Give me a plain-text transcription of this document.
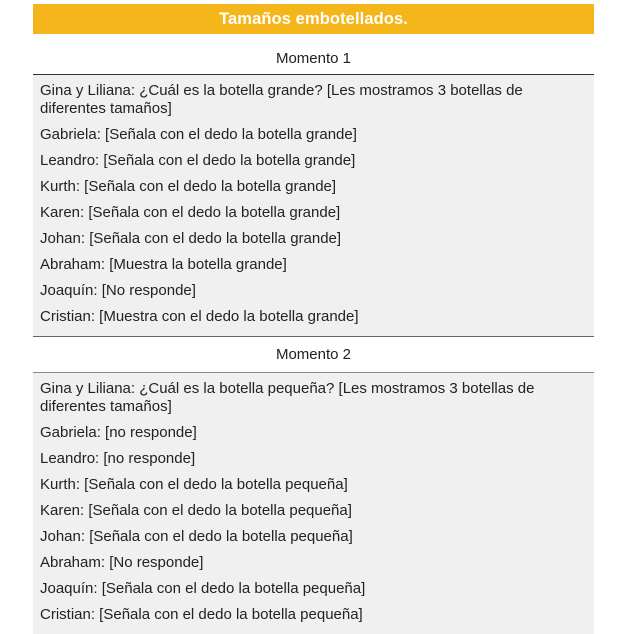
Tamaños embotellados.
Momento 1
Gina y Liliana: ¿Cuál es la botella grande? [Les mostramos 3 botellas de diferentes tamaños]
Gabriela: [Señala con el dedo la botella grande]
Leandro: [Señala con el dedo la botella grande]
Kurth: [Señala con el dedo la botella grande]
Karen: [Señala con el dedo la botella grande]
Johan: [Señala con el dedo la botella grande]
Abraham: [Muestra la botella grande]
Joaquín: [No responde]
Cristian: [Muestra con el dedo la botella grande]
Momento 2
Gina y Liliana: ¿Cuál es la botella pequeña? [Les mostramos 3 botellas de diferentes tamaños]
Gabriela: [no responde]
Leandro: [no responde]
Kurth: [Señala con el dedo la botella pequeña]
Karen: [Señala con el dedo la botella pequeña]
Johan: [Señala con el dedo la botella pequeña]
Abraham: [No responde]
Joaquín: [Señala con el dedo la botella pequeña]
Cristian: [Señala con el dedo la botella pequeña]
